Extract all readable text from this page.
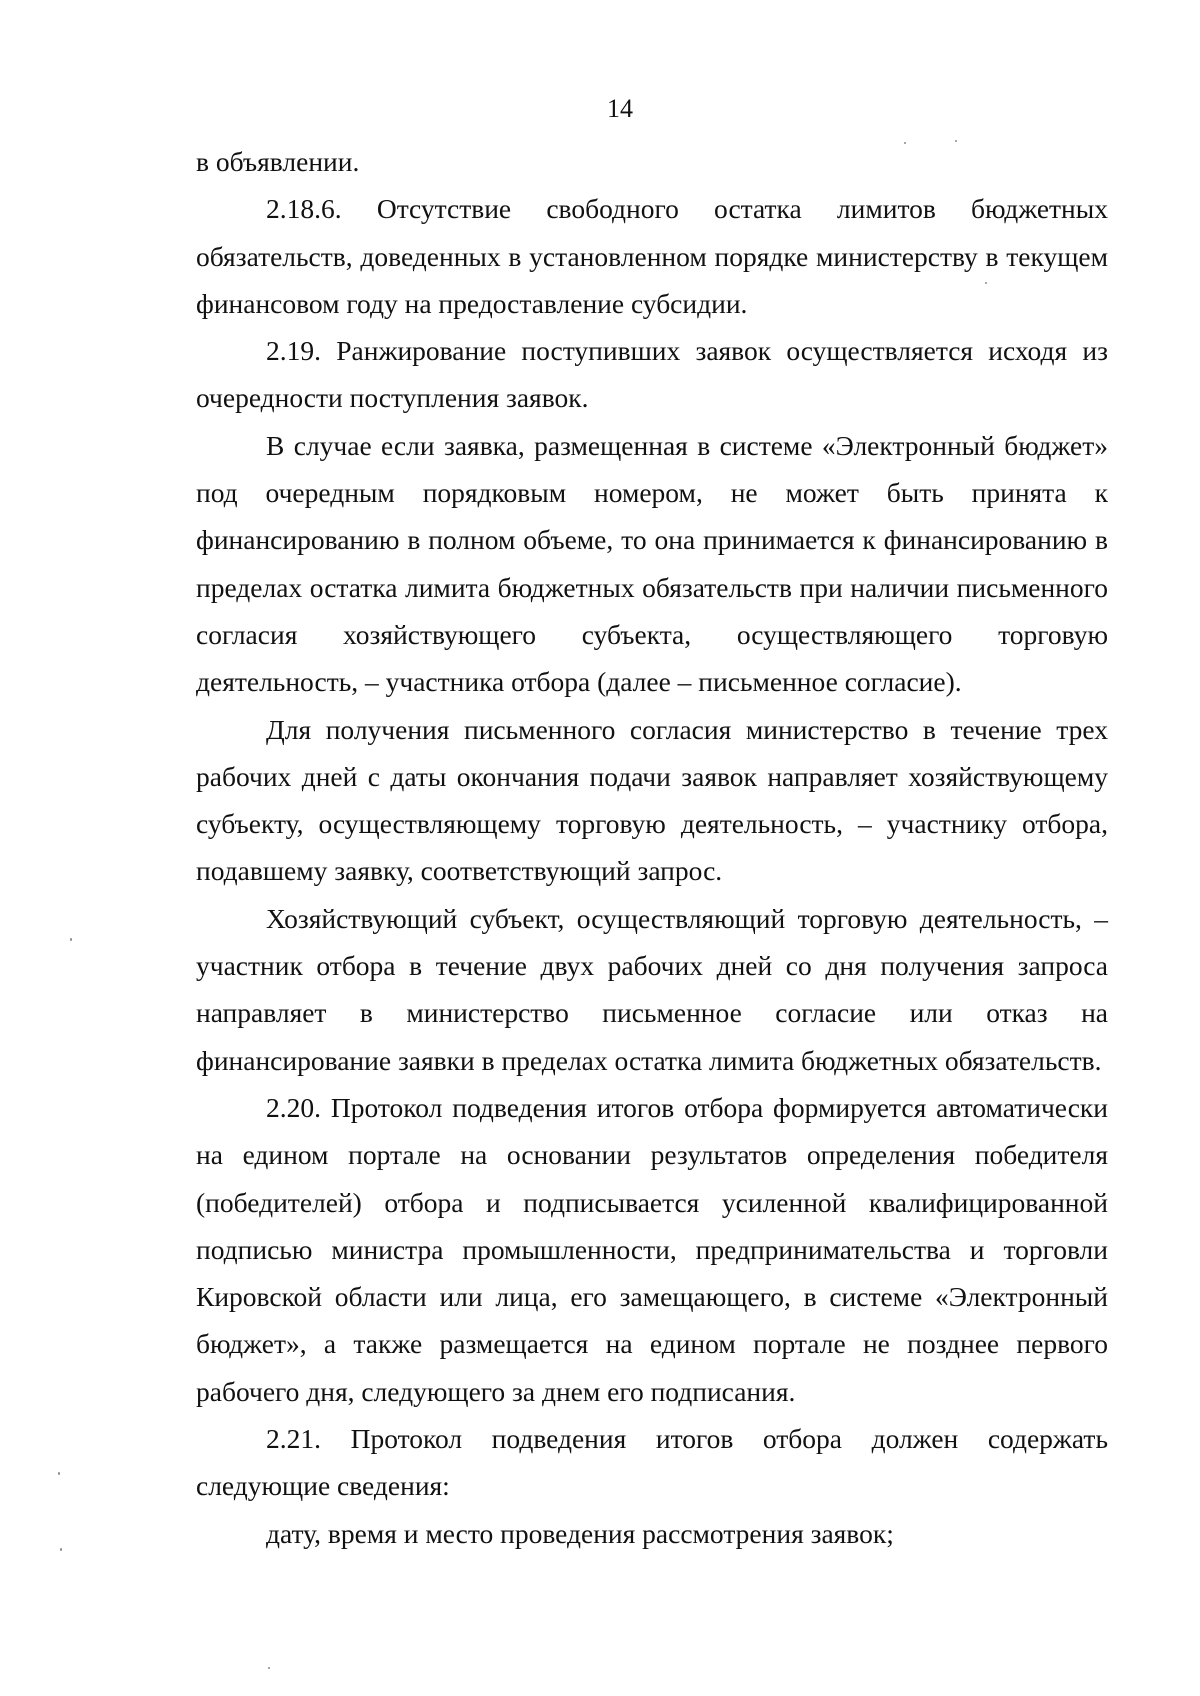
14

в объявлении.

2.18.6. Отсутствие свободного остатка лимитов бюджетных обязательств, доведенных в установленном порядке министерству в текущем финансовом году на предоставление субсидии.

2.19. Ранжирование поступивших заявок осуществляется исходя из очередности поступления заявок.

В случае если заявка, размещенная в системе «Электронный бюджет» под очередным порядковым номером, не может быть принята к финансированию в полном объеме, то она принимается к финансированию в пределах остатка лимита бюджетных обязательств при наличии письменного согласия хозяйствующего субъекта, осуществляющего торговую деятельность, – участника отбора (далее – письменное согласие).

Для получения письменного согласия министерство в течение трех рабочих дней с даты окончания подачи заявок направляет хозяйствующему субъекту, осуществляющему торговую деятельность, – участнику отбора, подавшему заявку, соответствующий запрос.

Хозяйствующий субъект, осуществляющий торговую деятельность, – участник отбора в течение двух рабочих дней со дня получения запроса направляет в министерство письменное согласие или отказ на финансирование заявки в пределах остатка лимита бюджетных обязательств.

2.20. Протокол подведения итогов отбора формируется автоматически на едином портале на основании результатов определения победителя (победителей) отбора и подписывается усиленной квалифицированной подписью министра промышленности, предпринимательства и торговли Кировской области или лица, его замещающего, в системе «Электронный бюджет», а также размещается на едином портале не позднее первого рабочего дня, следующего за днем его подписания.

2.21. Протокол подведения итогов отбора должен содержать следующие сведения:

дату, время и место проведения рассмотрения заявок;
